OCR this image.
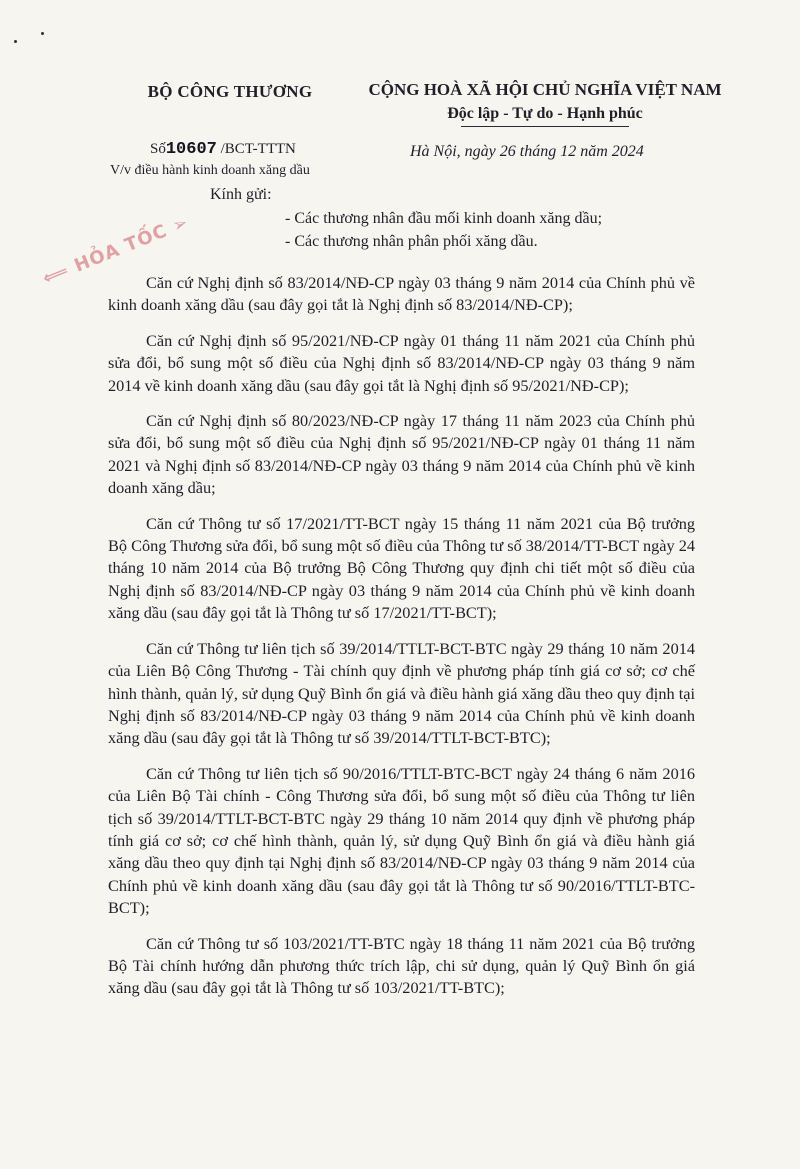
BỘ CÔNG THƯƠNG	CỘNG HOÀ XÃ HỘI CHỦ NGHĨA VIỆT NAM
Độc lập - Tự do - Hạnh phúc
Số10607 /BCT-TTTN
V/v điều hành kinh doanh xăng dầu
Hà Nội, ngày 26 tháng 12 năm 2024
Kính gửi:
- Các thương nhân đầu mối kinh doanh xăng dầu;
- Các thương nhân phân phối xăng dầu.
⟸ HỎA TỐC ➢

Căn cứ Nghị định số 83/2014/NĐ-CP ngày 03 tháng 9 năm 2014 của Chính phủ về kinh doanh xăng dầu (sau đây gọi tắt là Nghị định số 83/2014/NĐ-CP);

Căn cứ Nghị định số 95/2021/NĐ-CP ngày 01 tháng 11 năm 2021 của Chính phủ sửa đổi, bổ sung một số điều của Nghị định số 83/2014/NĐ-CP ngày 03 tháng 9 năm 2014 về kinh doanh xăng dầu (sau đây gọi tắt là Nghị định số 95/2021/NĐ-CP);

Căn cứ Nghị định số 80/2023/NĐ-CP ngày 17 tháng 11 năm 2023 của Chính phủ sửa đổi, bổ sung một số điều của Nghị định số 95/2021/NĐ-CP ngày 01 tháng 11 năm 2021 và Nghị định số 83/2014/NĐ-CP ngày 03 tháng 9 năm 2014 của Chính phủ về kinh doanh xăng dầu;

Căn cứ Thông tư số 17/2021/TT-BCT ngày 15 tháng 11 năm 2021 của Bộ trưởng Bộ Công Thương sửa đổi, bổ sung một số điều của Thông tư số 38/2014/TT-BCT ngày 24 tháng 10 năm 2014 của Bộ trưởng Bộ Công Thương quy định chi tiết một số điều của Nghị định số 83/2014/NĐ-CP ngày 03 tháng 9 năm 2014 của Chính phủ về kinh doanh xăng dầu (sau đây gọi tắt là Thông tư số 17/2021/TT-BCT);

Căn cứ Thông tư liên tịch số 39/2014/TTLT-BCT-BTC ngày 29 tháng 10 năm 2014 của Liên Bộ Công Thương - Tài chính quy định về phương pháp tính giá cơ sở; cơ chế hình thành, quản lý, sử dụng Quỹ Bình ổn giá và điều hành giá xăng dầu theo quy định tại Nghị định số 83/2014/NĐ-CP ngày 03 tháng 9 năm 2014 của Chính phủ về kinh doanh xăng dầu (sau đây gọi tắt là Thông tư số 39/2014/TTLT-BCT-BTC);

Căn cứ Thông tư liên tịch số 90/2016/TTLT-BTC-BCT ngày 24 tháng 6 năm 2016 của Liên Bộ Tài chính - Công Thương sửa đổi, bổ sung một số điều của Thông tư liên tịch số 39/2014/TTLT-BCT-BTC ngày 29 tháng 10 năm 2014 quy định về phương pháp tính giá cơ sở; cơ chế hình thành, quản lý, sử dụng Quỹ Bình ổn giá và điều hành giá xăng dầu theo quy định tại Nghị định số 83/2014/NĐ-CP ngày 03 tháng 9 năm 2014 của Chính phủ về kinh doanh xăng dầu (sau đây gọi tắt là Thông tư số 90/2016/TTLT-BTC-BCT);

Căn cứ Thông tư số 103/2021/TT-BTC ngày 18 tháng 11 năm 2021 của Bộ trưởng Bộ Tài chính hướng dẫn phương thức trích lập, chi sử dụng, quản lý Quỹ Bình ổn giá xăng dầu (sau đây gọi tắt là Thông tư số 103/2021/TT-BTC);
